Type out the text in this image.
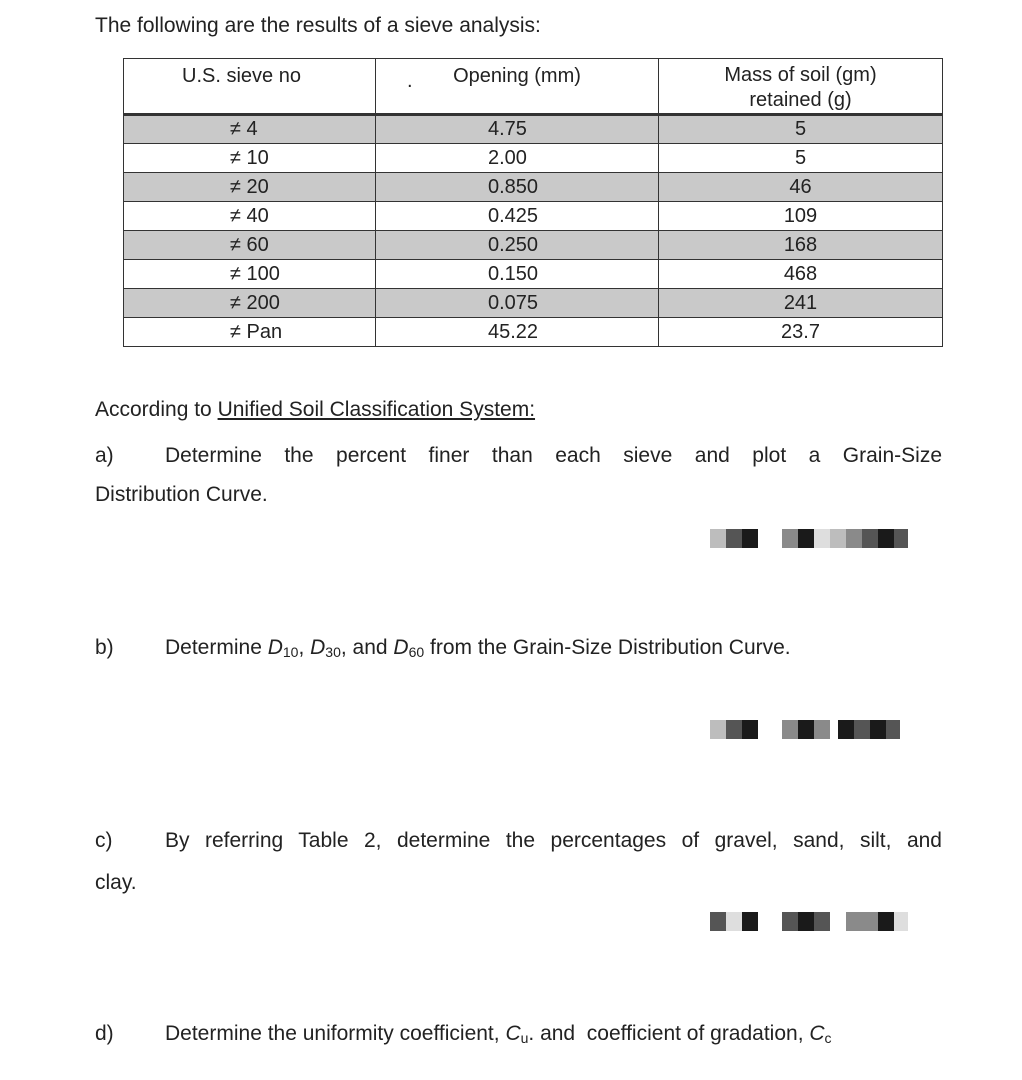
The following are the results of a sieve analysis:
U.S. sieve no	Opening (mm)	Mass of soil (gm)
retained (g)

≠ 4	4.75	5
≠ 10	2.00	5
≠ 20	0.850	46
≠ 40	0.425	109
≠ 60	0.250	168
≠ 100	0.150	468
≠ 200	0.075	241
≠ Pan	45.22	23.7
.
According to Unified Soil Classification System:
a)	Determine the percent finer than each sieve and plot a Grain-Size
Distribution Curve.
b) Determine $D_{10}$, $D_{30}$, and $D_{60}$ from the Grain-Size Distribution Curve.
c)	By referring Table 2, determine the percentages of gravel, sand, silt, and
clay.
d) Determine the uniformity coefficient, $C_u$. and  coefficient of gradation, $C_c$
